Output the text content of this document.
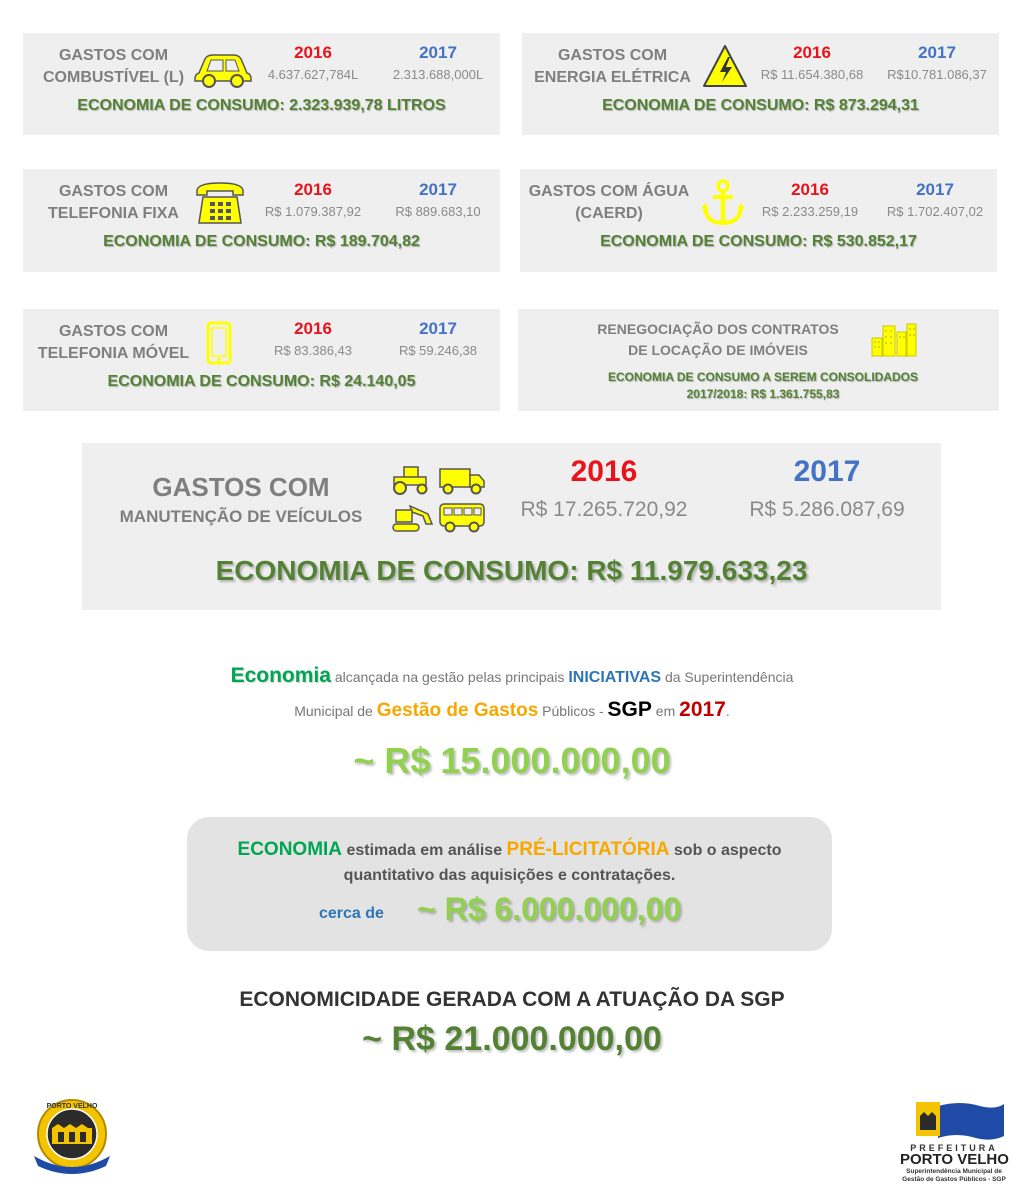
GASTOS COM
COMBUSTÍVEL (L)
2016	2017
4.637.627,784L	2.313.688,000L
ECONOMIA DE CONSUMO: 2.323.939,78 LITROS
GASTOS COM
ENERGIA ELÉTRICA
2016	2017
R$ 11.654.380,68	R$10.781.086,37
ECONOMIA DE CONSUMO: R$ 873.294,31
GASTOS COM
TELEFONIA FIXA
2016	2017
R$ 1.079.387,92	R$ 889.683,10
ECONOMIA DE CONSUMO: R$ 189.704,82
GASTOS COM ÁGUA
(CAERD)
2016	2017
R$ 2.233.259,19	R$ 1.702.407,02
ECONOMIA DE CONSUMO: R$ 530.852,17
GASTOS COM
TELEFONIA MÓVEL
2016	2017
R$ 83.386,43	R$ 59.246,38
ECONOMIA DE CONSUMO: R$ 24.140,05
RENEGOCIAÇÃO DOS CONTRATOS
DE LOCAÇÃO DE IMÓVEIS
ECONOMIA DE CONSUMO A SEREM CONSOLIDADOS
2017/2018: R$ 1.361.755,83
GASTOS COM
MANUTENÇÃO DE VEÍCULOS
2016	2017
R$ 17.265.720,92	R$ 5.286.087,69
ECONOMIA DE CONSUMO: R$ 11.979.633,23
Economia alcançada na gestão pelas principais INICIATIVAS da Superintendência
Municipal de Gestão de Gastos Públicos - SGP em 2017.
~ R$ 15.000.000,00
ECONOMIA estimada em análise PRÉ-LICITATÓRIA sob o aspecto
quantitativo das aquisições e contratações.
cerca de ~ R$ 6.000.000,00
ECONOMICIDADE GERADA COM A ATUAÇÃO DA SGP
~ R$ 21.000.000,00
PORTO VELHO
PREFEITURA
PORTO VELHO
Superintendência Municipal de
Gestão de Gastos Públicos - SGP
